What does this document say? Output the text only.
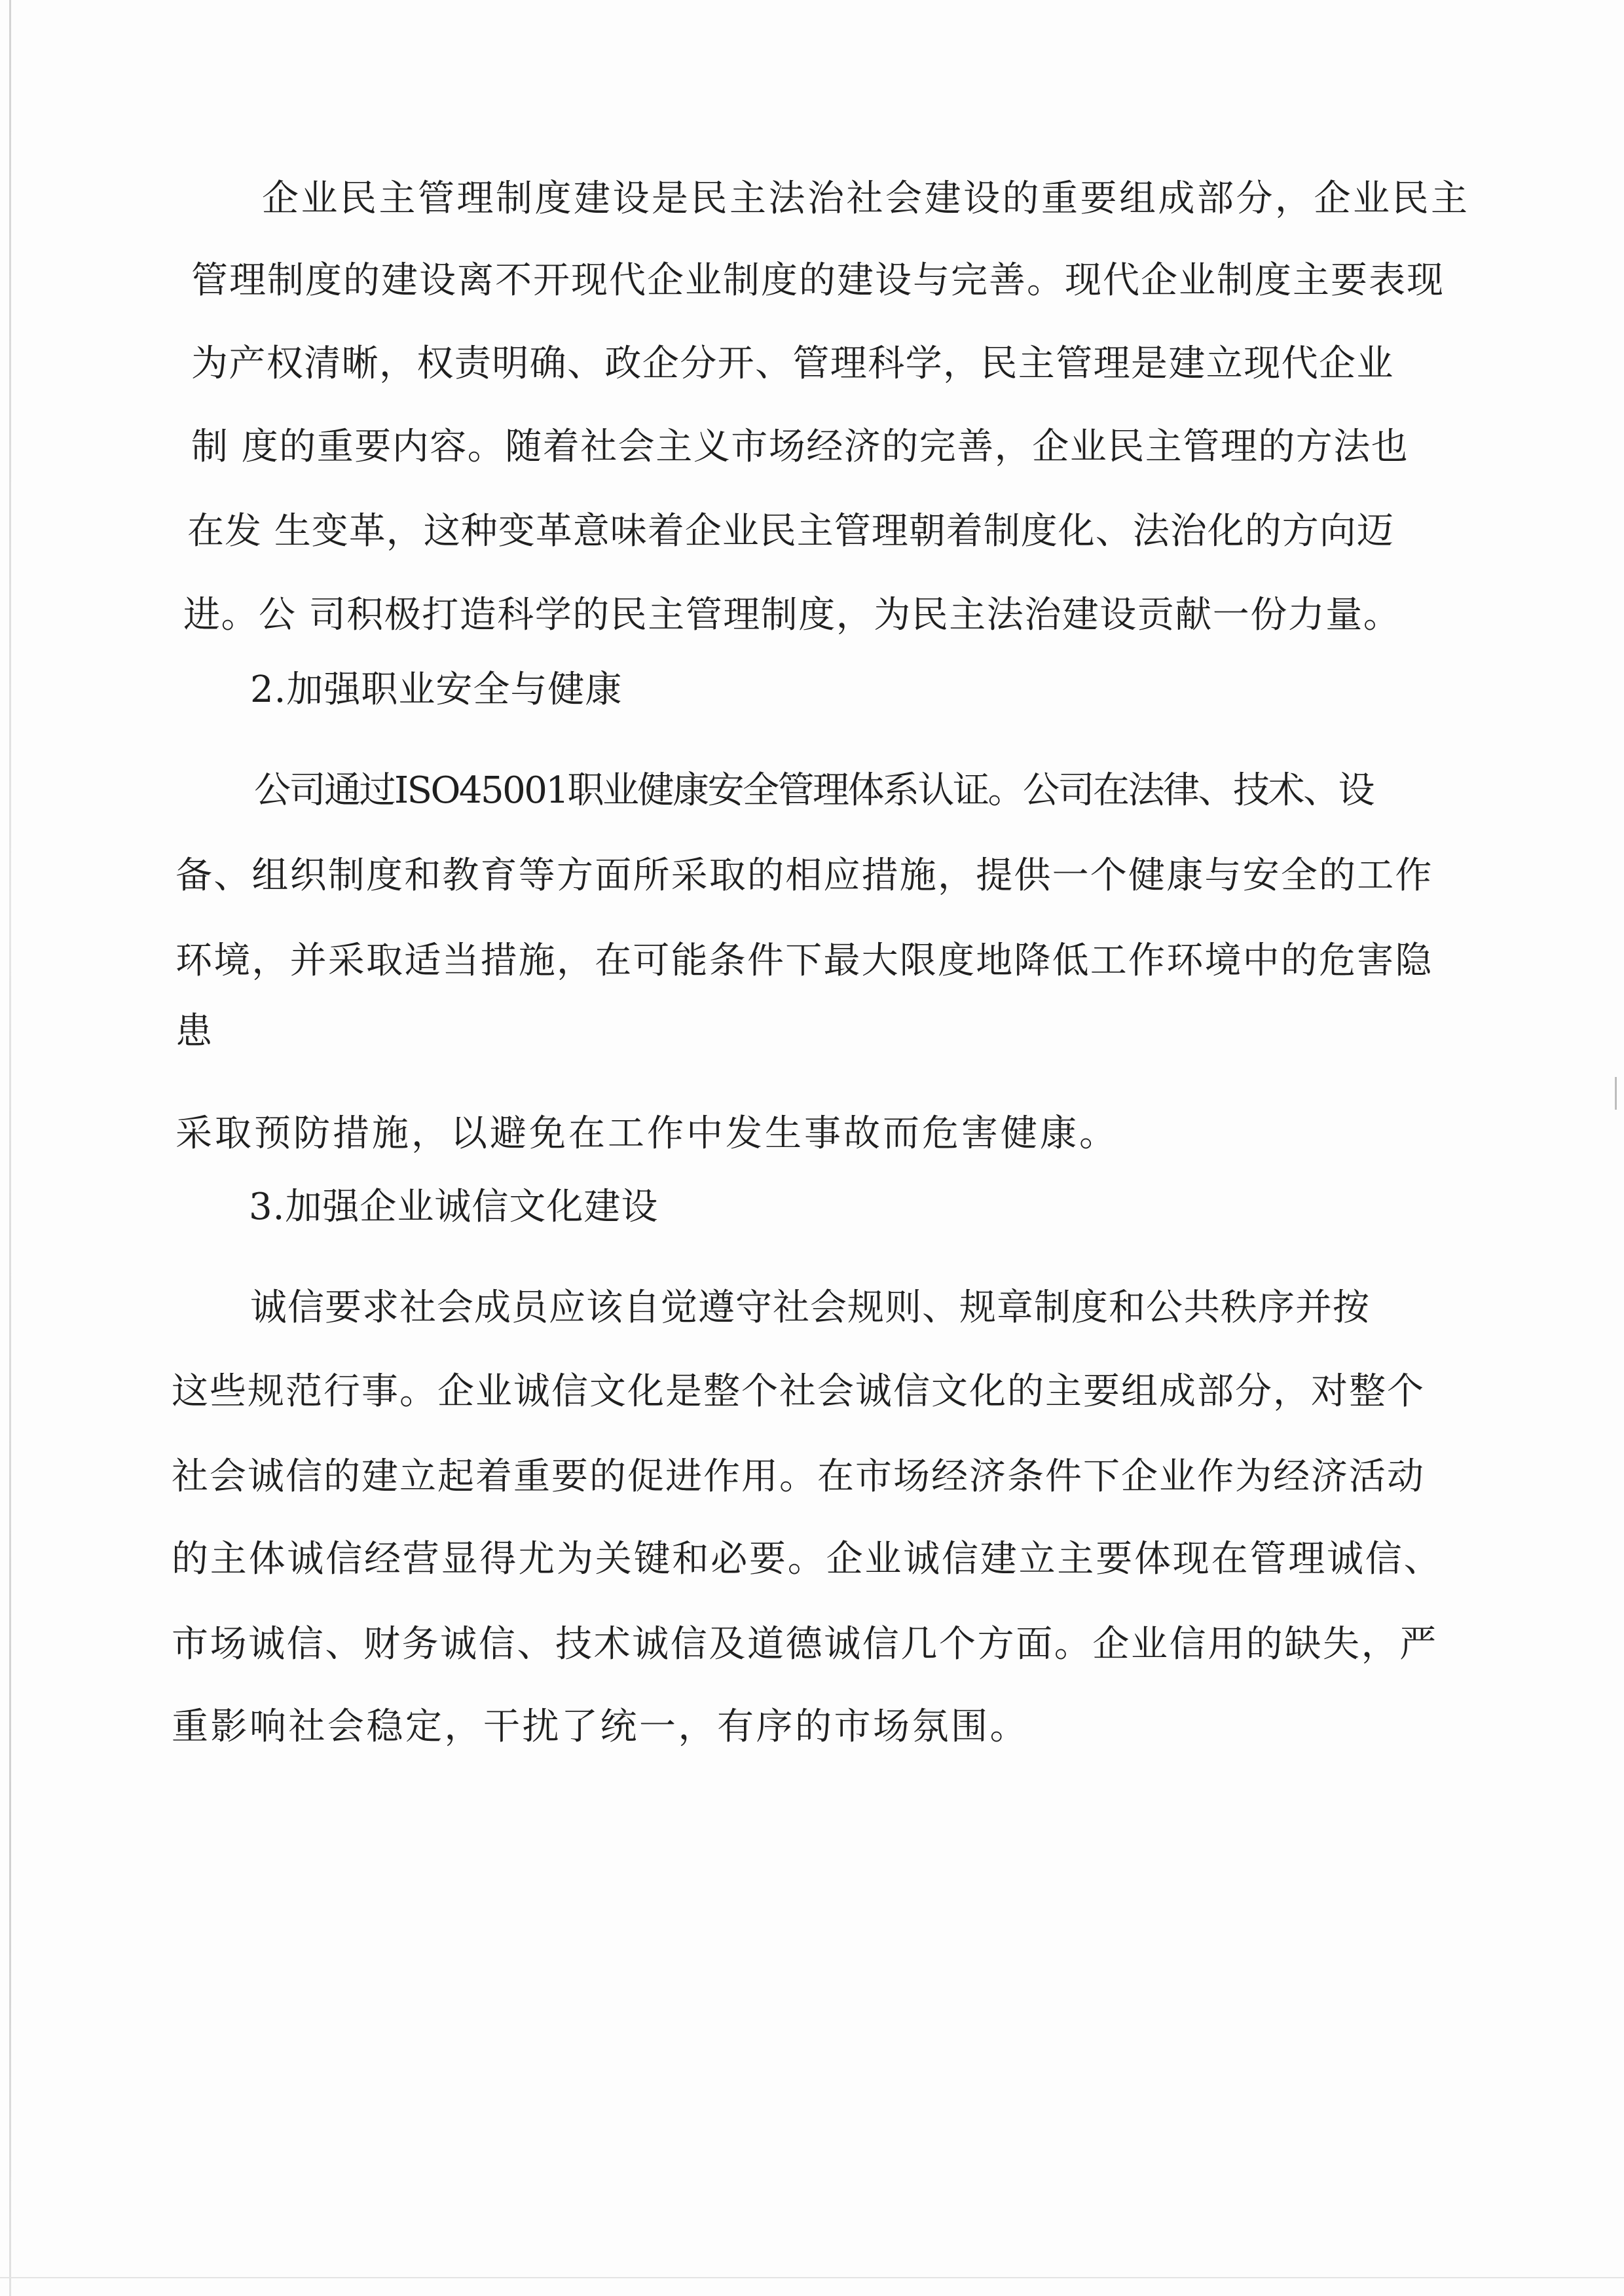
企业民主管理制度建设是民主法治社会建设的重要组成部分，企业民主

管理制度的建设离不开现代企业制度的建设与完善。现代企业制度主要表现

为产权清晰，权责明确、政企分开、管理科学，民主管理是建立现代企业

制 度的重要内容。随着社会主义市场经济的完善，企业民主管理的方法也

在发 生变革，这种变革意味着企业民主管理朝着制度化、法治化的方向迈

进。公 司积极打造科学的民主管理制度，为民主法治建设贡献一份力量。

2.加强职业安全与健康

公司通过ISO45001职业健康安全管理体系认证。公司在法律、技术、设

备、组织制度和教育等方面所采取的相应措施，提供一个健康与安全的工作

环境，并采取适当措施，在可能条件下最大限度地降低工作环境中的危害隐

患

采取预防措施，以避免在工作中发生事故而危害健康。

3.加强企业诚信文化建设

诚信要求社会成员应该自觉遵守社会规则、规章制度和公共秩序并按

这些规范行事。企业诚信文化是整个社会诚信文化的主要组成部分，对整个

社会诚信的建立起着重要的促进作用。在市场经济条件下企业作为经济活动

的主体诚信经营显得尤为关键和必要。企业诚信建立主要体现在管理诚信、

市场诚信、财务诚信、技术诚信及道德诚信几个方面。企业信用的缺失，严

重影响社会稳定，干扰了统一，有序的市场氛围。
